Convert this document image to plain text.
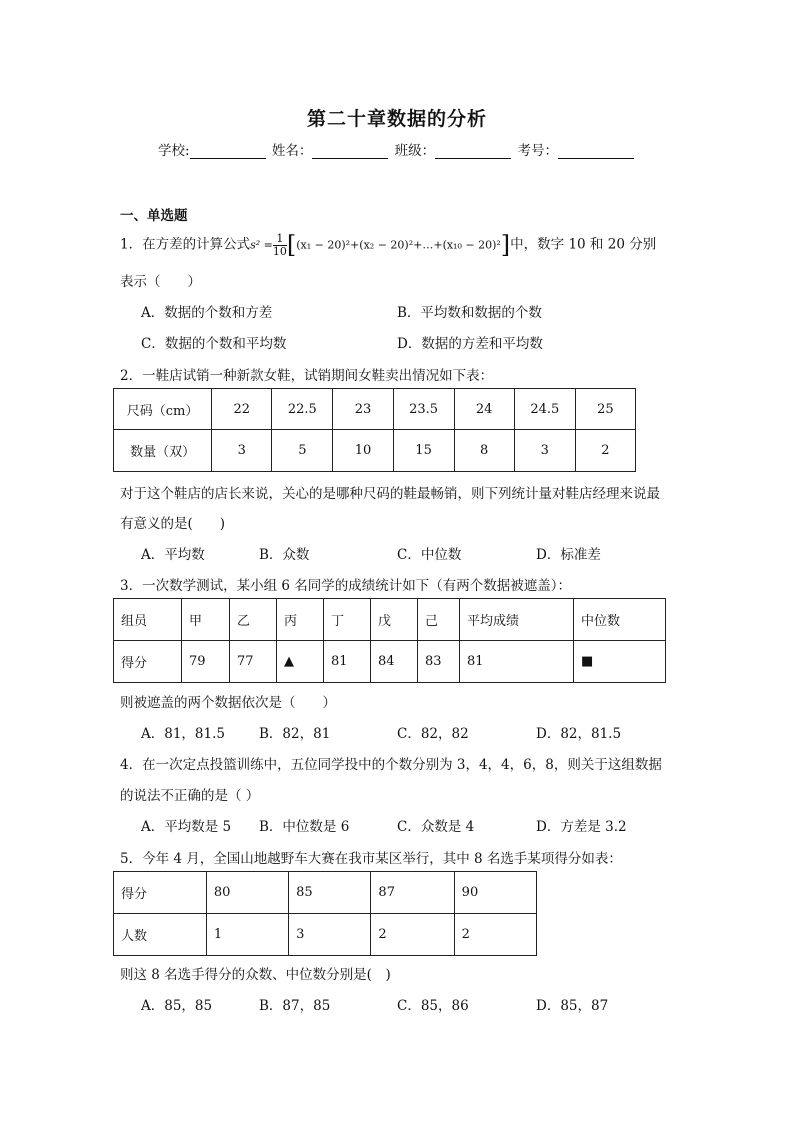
第二十章数据的分析
学校:	姓名：	班级：	考号：
一、单选题
1．在方差的计算公式$s^2 = \frac{1}{10} [(x_1 - 20)^2+(x_2$ − 20)²+…+(x₁₀ − 20)²]中，数字 10 和 20 分别
表示（　　）
A．数据的个数和方差	B．平均数和数据的个数
C．数据的个数和平均数	D．数据的方差和平均数
2．一鞋店试销一种新款女鞋，试销期间女鞋卖出情况如下表：
尺码（cm）	22	22.5	23	23.5	24	24.5	25
数量（双）	3	5	10	15	8	3	2
对于这个鞋店的店长来说，关心的是哪种尺码的鞋最畅销，则下列统计量对鞋店经理来说最
有意义的是(　　)
A．平均数	B．众数	C．中位数	D．标准差
3．一次数学测试，某小组 6 名同学的成绩统计如下（有两个数据被遮盖）：
组员	甲	乙	丙	丁	戊	己	平均成绩	中位数
得分	79	77	▲	81	84	83	81	■
则被遮盖的两个数据依次是（　　）
A．81，81.5	B．82，81	C．82，82	D．82，81.5
4．在一次定点投篮训练中，五位同学投中的个数分别为 3，4，4，6，8，则关于这组数据
的说法不正确的是（ ）
A．平均数是 5 B．中位数是 6	C．众数是 4	D．方差是 3.2
5．今年 4 月，全国山地越野车大赛在我市某区举行，其中 8 名选手某项得分如表：
得分	80	85	87	90
人数	1	3	2	2
则这 8 名选手得分的众数、中位数分别是(　)
A．85，85	B．87，85	C．85，86	D．85，87
